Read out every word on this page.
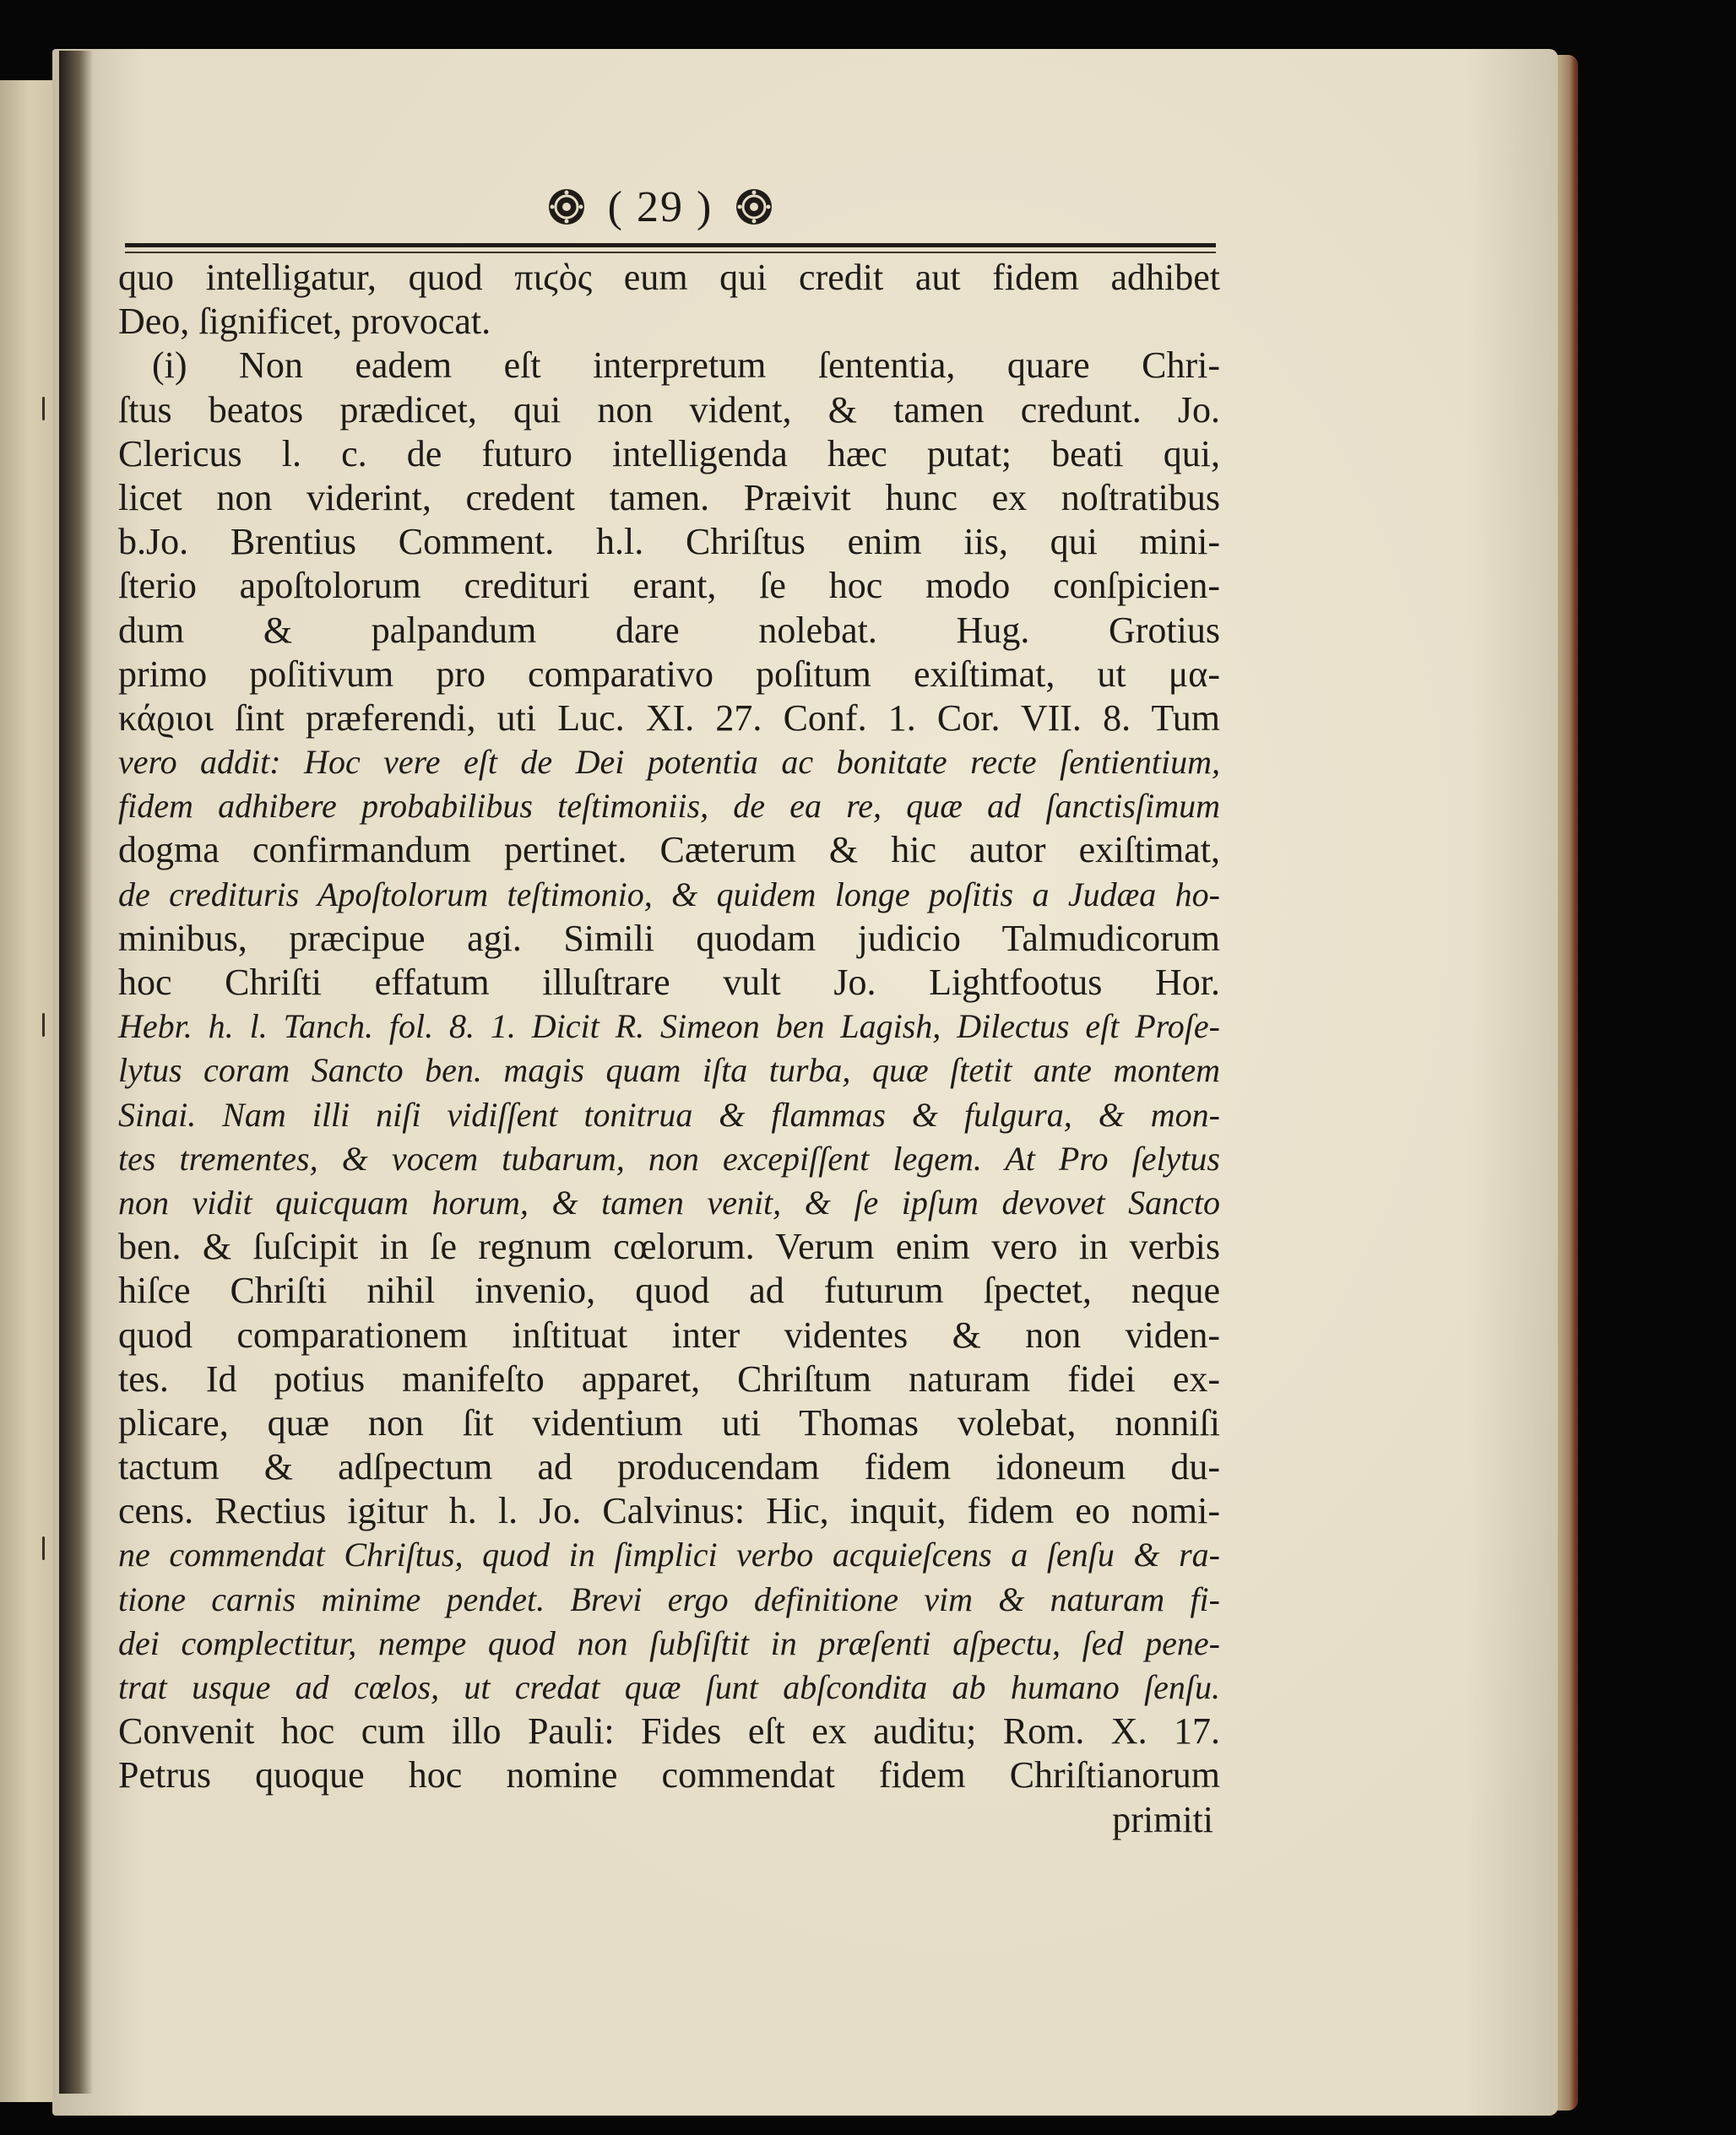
( 29 )
quo intelligatur, quod πιϛὸς eum qui credit aut fidem adhibet
Deo, ſignificet, provocat.
(i) Non eadem eſt interpretum ſententia, quare Chri-
ſtus beatos prædicet, qui non vident, & tamen credunt. Jo.
Clericus l. c. de futuro intelligenda hæc putat; beati qui,
licet non viderint, credent tamen. Præivit hunc ex noſtratibus
b.Jo. Brentius Comment. h.l. Chriſtus enim iis, qui mini-
ſterio apoſtolorum credituri erant, ſe hoc modo conſpicien-
dum & palpandum dare nolebat. Hug. Grotius
primo poſitivum pro comparativo poſitum exiſtimat, ut μα-
κάϱιοι ſint præferendi, uti Luc. XI. 27. Conf. 1. Cor. VII. 8. Tum
vero addit: Hoc vere eſt de Dei potentia ac bonitate recte ſentientium,
fidem adhibere probabilibus teſtimoniis, de ea re, quæ ad ſanctisſimum
dogma confirmandum pertinet. Cæterum & hic autor exiſtimat,
de credituris Apoſtolorum teſtimonio, & quidem longe poſitis a Judæa ho-
minibus, præcipue agi. Simili quodam judicio Talmudicorum
hoc Chriſti effatum illuſtrare vult Jo. Lightfootus Hor.
Hebr. h. l. Tanch. fol. 8. 1. Dicit R. Simeon ben Lagish, Dilectus eſt Proſe-
lytus coram Sancto ben. magis quam iſta turba, quæ ſtetit ante montem
Sinai. Nam illi niſi vidiſſent tonitrua & flammas & fulgura, & mon-
tes trementes, & vocem tubarum, non excepiſſent legem. At Pro ſelytus
non vidit quicquam horum, & tamen venit, & ſe ipſum devovet Sancto
ben. & ſuſcipit in ſe regnum cœlorum. Verum enim vero in verbis
hiſce Chriſti nihil invenio, quod ad futurum ſpectet, neque
quod comparationem inſtituat inter videntes & non viden-
tes. Id potius manifeſto apparet, Chriſtum naturam fidei ex-
plicare, quæ non ſit videntium uti Thomas volebat, nonniſi
tactum & adſpectum ad producendam fidem idoneum du-
cens. Rectius igitur h. l. Jo. Calvinus: Hic, inquit, fidem eo nomi-
ne commendat Chriſtus, quod in ſimplici verbo acquieſcens a ſenſu & ra-
tione carnis minime pendet. Brevi ergo definitione vim & naturam fi-
dei complectitur, nempe quod non ſubſiſtit in præſenti aſpectu, ſed pene-
trat usque ad cœlos, ut credat quæ ſunt abſcondita ab humano ſenſu.
Convenit hoc cum illo Pauli: Fides eſt ex auditu; Rom. X. 17.
Petrus quoque hoc nomine commendat fidem Chriſtianorum
primiti
